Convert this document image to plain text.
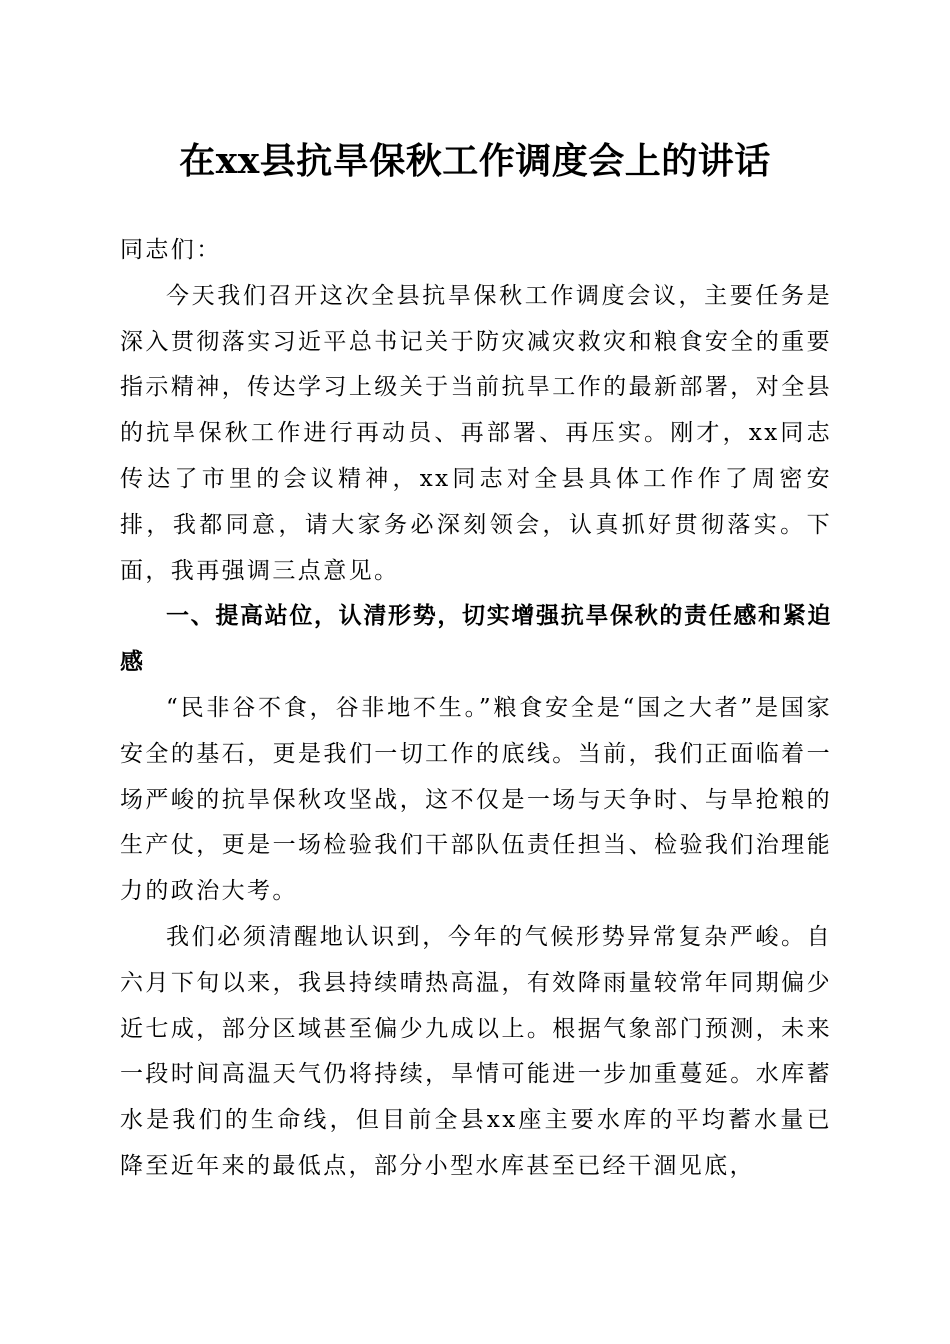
在xx县抗旱保秋工作调度会上的讲话

同志们：

今天我们召开这次全县抗旱保秋工作调度会议，主要任务是深入贯彻落实习近平总书记关于防灾减灾救灾和粮食安全的重要指示精神，传达学习上级关于当前抗旱工作的最新部署，对全县的抗旱保秋工作进行再动员、再部署、再压实。刚才，xx同志传达了市里的会议精神，xx同志对全县具体工作作了周密安排，我都同意，请大家务必深刻领会，认真抓好贯彻落实。下面，我再强调三点意见。

一、提高站位，认清形势，切实增强抗旱保秋的责任感和紧迫感

“民非谷不食，谷非地不生。”粮食安全是“国之大者”是国家安全的基石，更是我们一切工作的底线。当前，我们正面临着一场严峻的抗旱保秋攻坚战，这不仅是一场与天争时、与旱抢粮的生产仗，更是一场检验我们干部队伍责任担当、检验我们治理能力的政治大考。

我们必须清醒地认识到，今年的气候形势异常复杂严峻。自六月下旬以来，我县持续晴热高温，有效降雨量较常年同期偏少近七成，部分区域甚至偏少九成以上。根据气象部门预测，未来一段时间高温天气仍将持续，旱情可能进一步加重蔓延。水库蓄水是我们的生命线，但目前全县xx座主要水库的平均蓄水量已降至近年来的最低点，部分小型水库甚至已经干涸见底，
